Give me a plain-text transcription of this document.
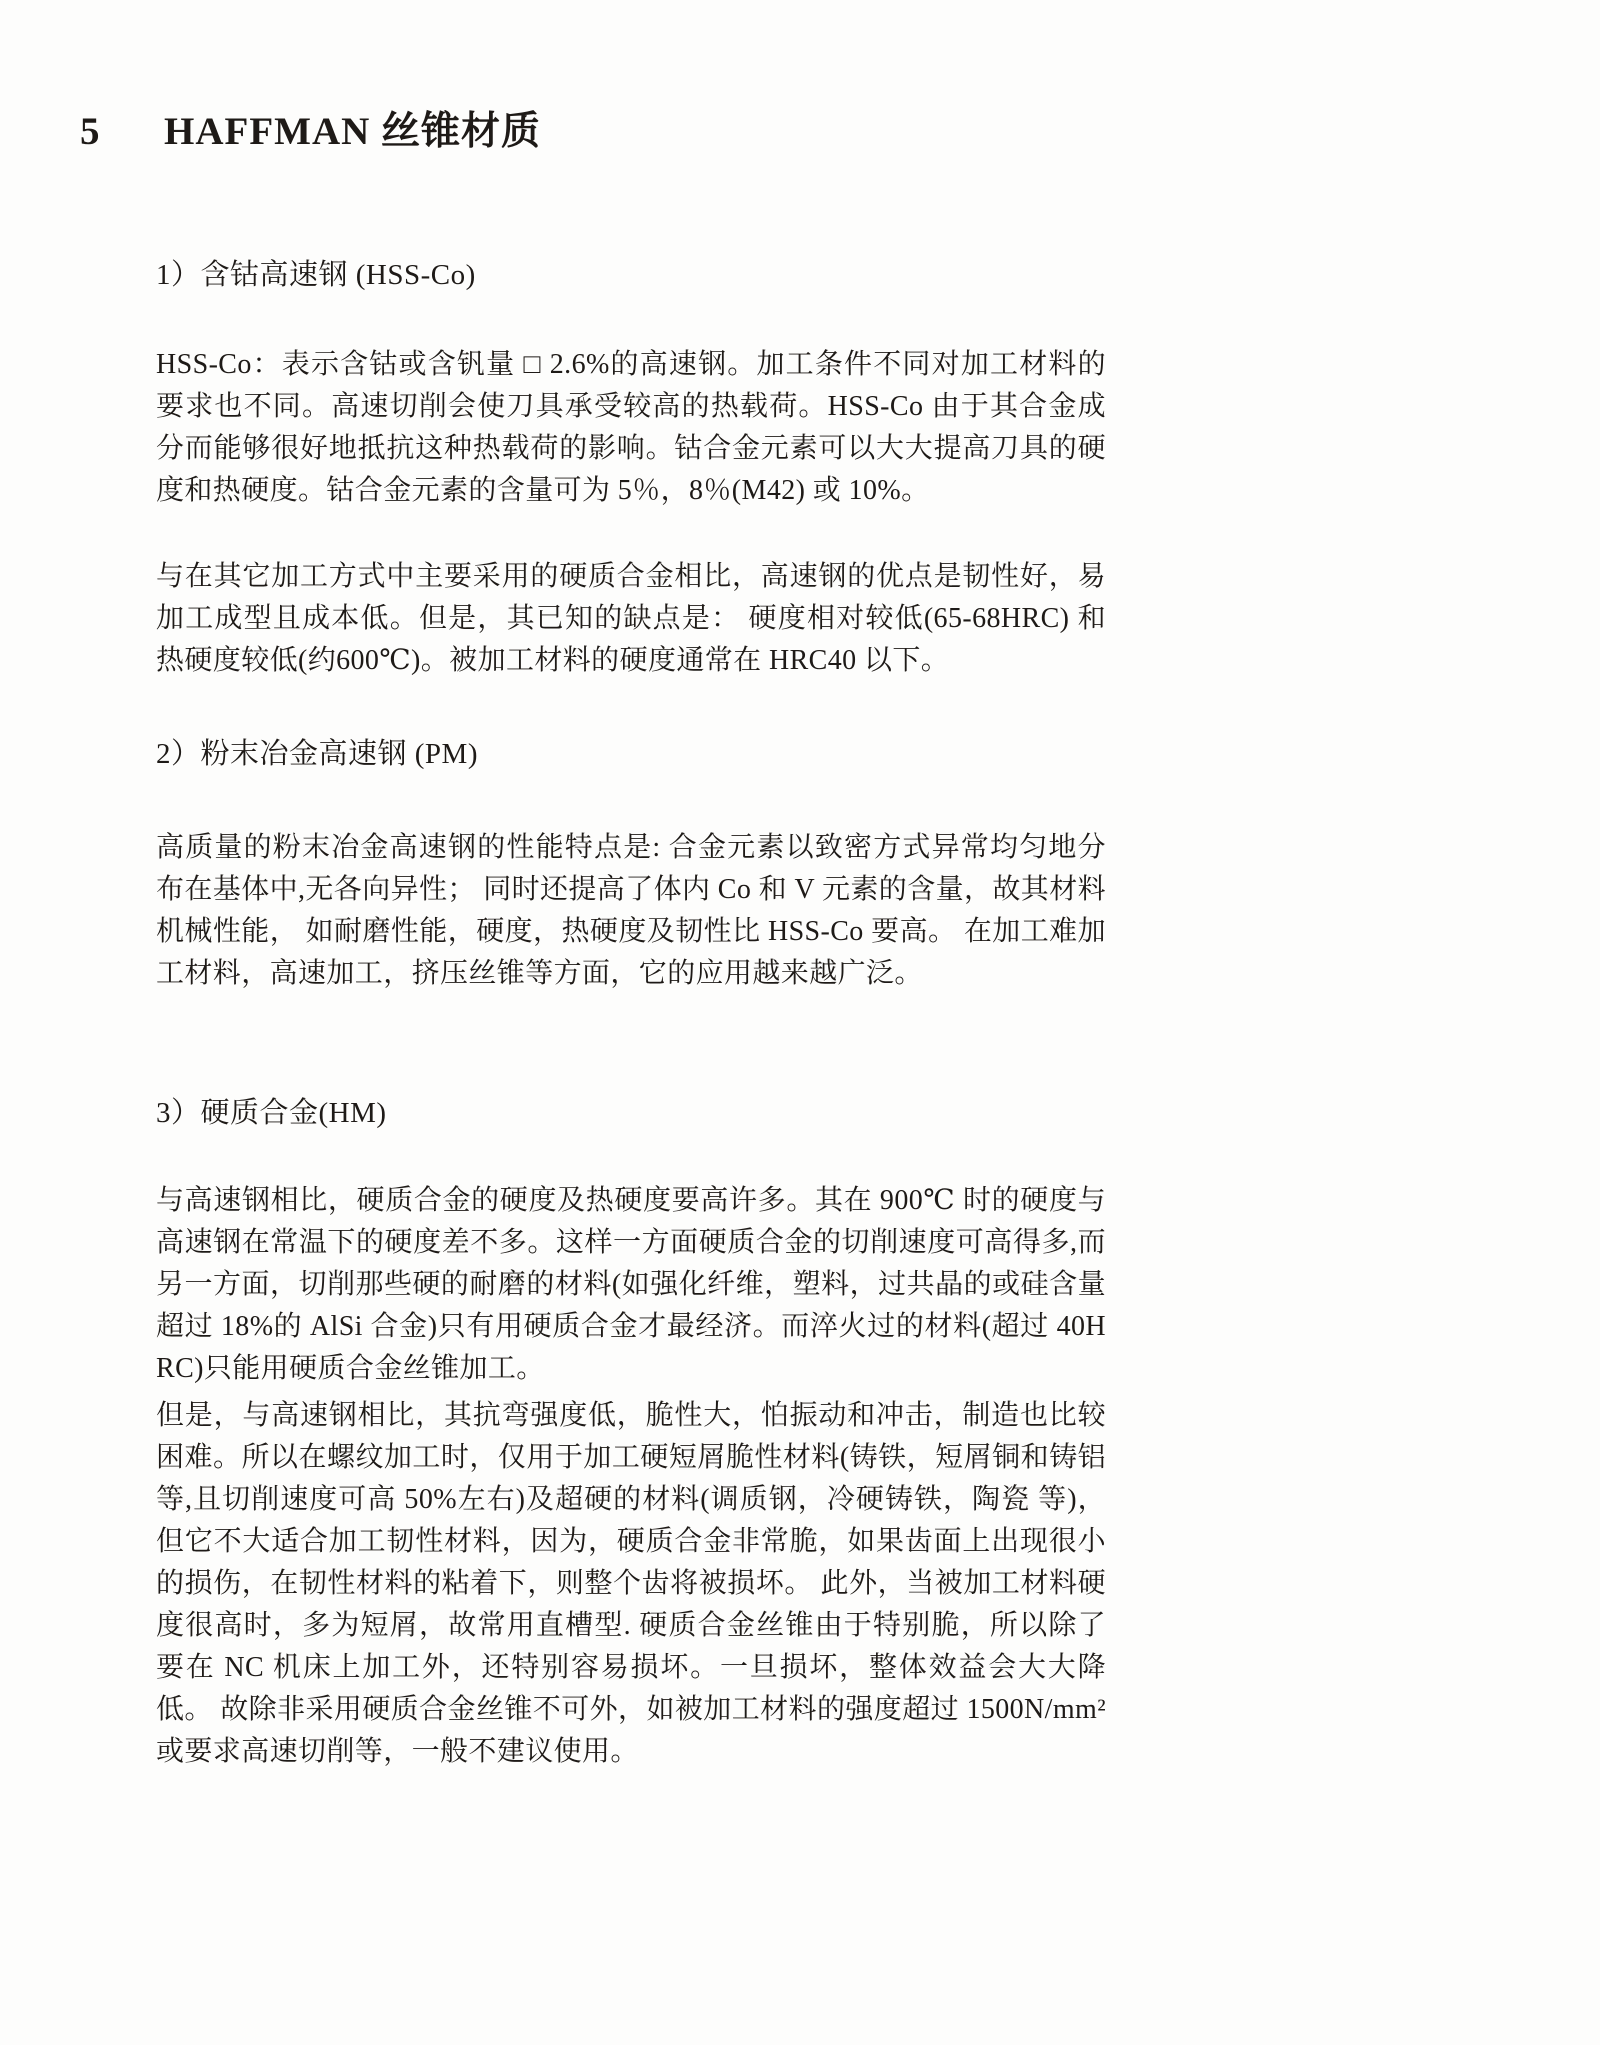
5	HAFFMAN 丝锥材质
1）含钴高速钢 (HSS-Co)

HSS-Co：表示含钴或含钒量 □ 2.6%的高速钢。加工条件不同对加工材料的要求也不同。高速切削会使刀具承受较高的热载荷。HSS-Co 由于其合金成分而能够很好地抵抗这种热载荷的影响。钴合金元素可以大大提高刀具的硬度和热硬度。钴合金元素的含量可为 5％，8％(M42) 或 10%。

与在其它加工方式中主要采用的硬质合金相比，高速钢的优点是韧性好，易加工成型且成本低。但是，其已知的缺点是： 硬度相对较低(65-68HRC) 和热硬度较低(约600℃)。被加工材料的硬度通常在 HRC40 以下。

2）粉末冶金高速钢 (PM)

高质量的粉末冶金高速钢的性能特点是: 合金元素以致密方式异常均匀地分布在基体中,无各向异性； 同时还提高了体内 Co 和 V 元素的含量，故其材料机械性能， 如耐磨性能，硬度，热硬度及韧性比 HSS-Co 要高。 在加工难加工材料，高速加工，挤压丝锥等方面，它的应用越来越广泛。

3）硬质合金(HM)

与高速钢相比，硬质合金的硬度及热硬度要高许多。其在 900℃ 时的硬度与高速钢在常温下的硬度差不多。这样一方面硬质合金的切削速度可高得多,而另一方面，切削那些硬的耐磨的材料(如强化纤维，塑料，过共晶的或硅含量超过 18%的 AlSi 合金)只有用硬质合金才最经济。而淬火过的材料(超过 40HRC)只能用硬质合金丝锥加工。

但是，与高速钢相比，其抗弯强度低，脆性大，怕振动和冲击，制造也比较困难。所以在螺纹加工时，仅用于加工硬短屑脆性材料(铸铁，短屑铜和铸铝等,且切削速度可高 50%左右)及超硬的材料(调质钢，冷硬铸铁，陶瓷 等)，但它不大适合加工韧性材料，因为，硬质合金非常脆，如果齿面上出现很小的损伤，在韧性材料的粘着下，则整个齿将被损坏。 此外，当被加工材料硬度很高时，多为短屑，故常用直槽型. 硬质合金丝锥由于特别脆，所以除了要在 NC 机床上加工外，还特别容易损坏。一旦损坏，整体效益会大大降低。 故除非采用硬质合金丝锥不可外，如被加工材料的强度超过 1500N/mm²或要求高速切削等，一般不建议使用。
